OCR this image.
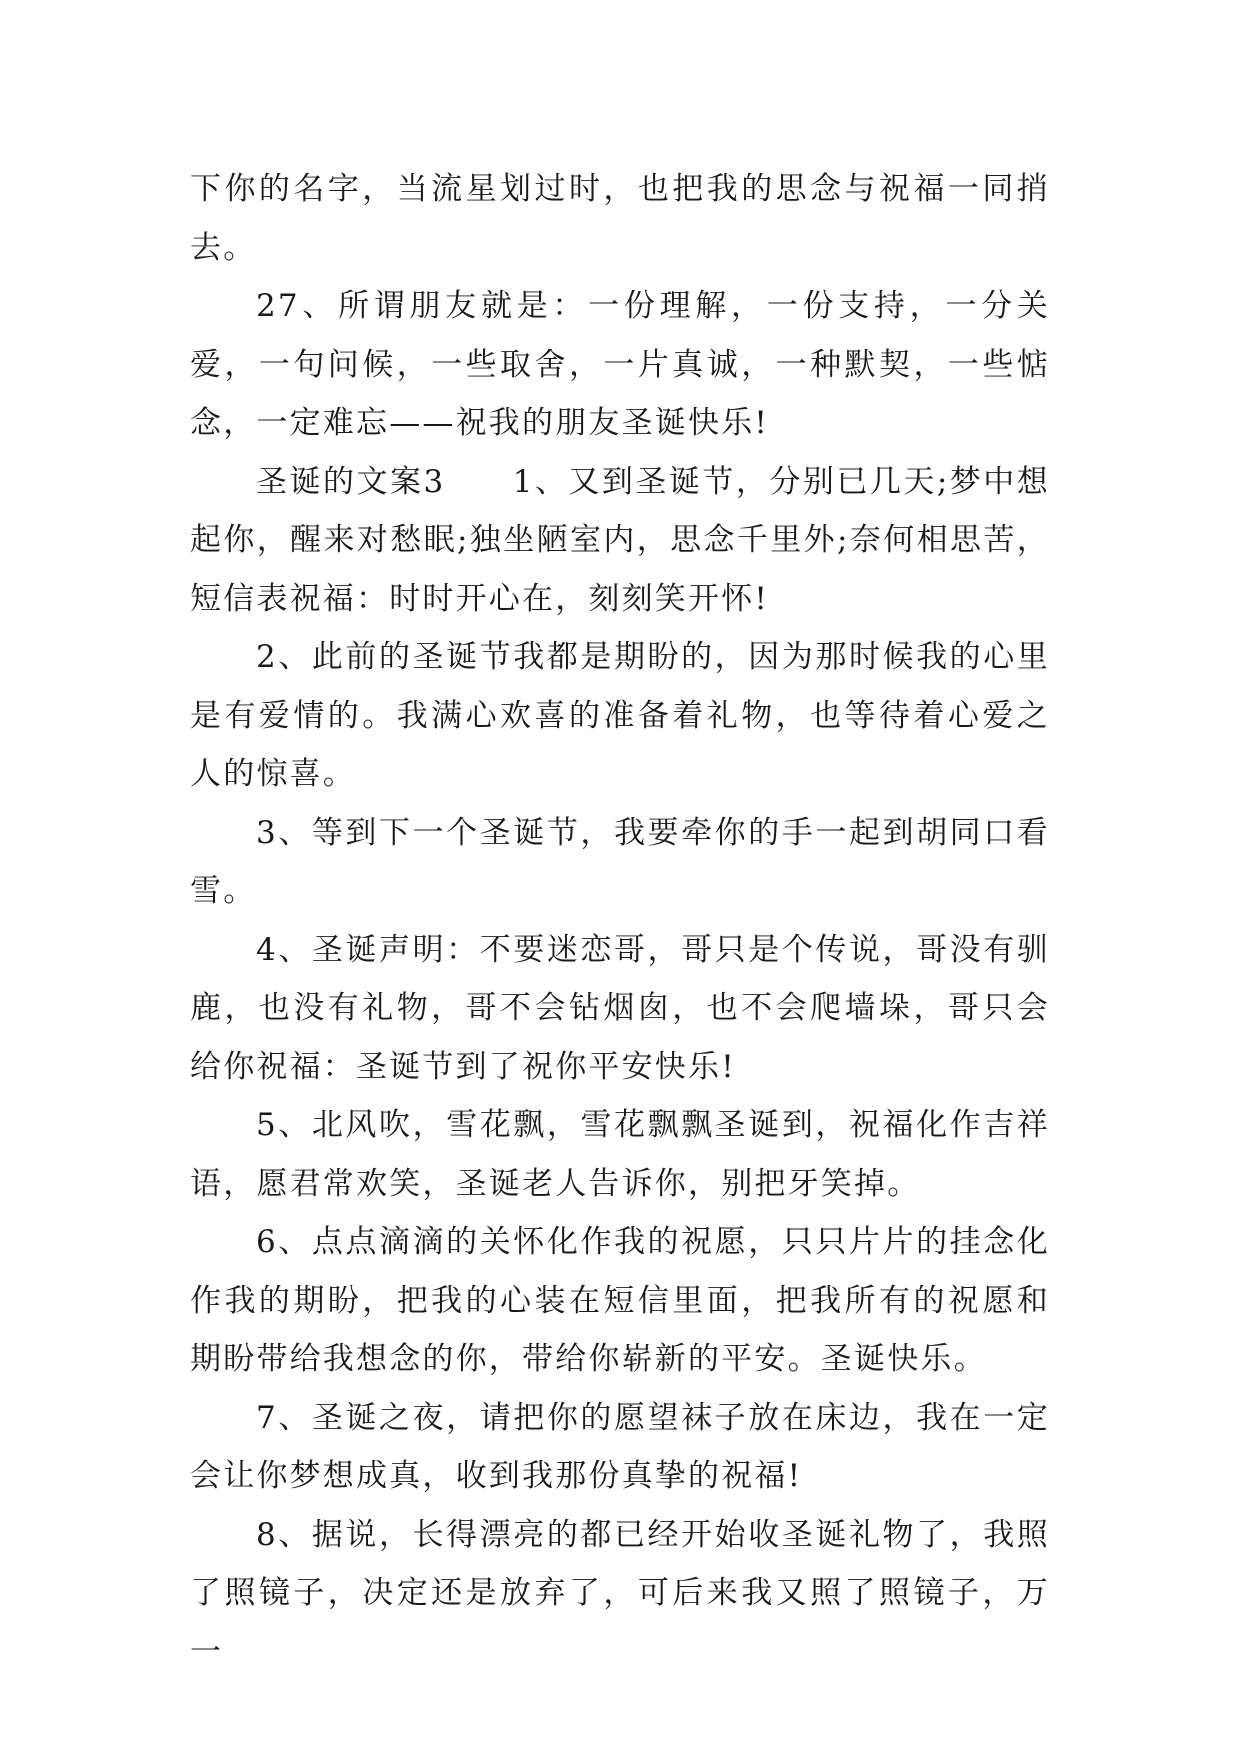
下你的名字，当流星划过时，也把我的思念与祝福一同捎去。

27、所谓朋友就是：一份理解，一份支持，一分关爱，一句问候，一些取舍，一片真诚，一种默契，一些惦念，一定难忘——祝我的朋友圣诞快乐!

圣诞的文案3　　1、又到圣诞节，分别已几天;梦中想起你，醒来对愁眠;独坐陋室内，思念千里外;奈何相思苦，短信表祝福：时时开心在，刻刻笑开怀!

2、此前的圣诞节我都是期盼的，因为那时候我的心里是有爱情的。我满心欢喜的准备着礼物，也等待着心爱之人的惊喜。

3、等到下一个圣诞节，我要牵你的手一起到胡同口看雪。

4、圣诞声明：不要迷恋哥，哥只是个传说，哥没有驯鹿，也没有礼物，哥不会钻烟囱，也不会爬墙垛，哥只会给你祝福：圣诞节到了祝你平安快乐!

5、北风吹，雪花飘，雪花飘飘圣诞到，祝福化作吉祥语，愿君常欢笑，圣诞老人告诉你，别把牙笑掉。

6、点点滴滴的关怀化作我的祝愿，只只片片的挂念化作我的期盼，把我的心装在短信里面，把我所有的祝愿和期盼带给我想念的你，带给你崭新的平安。圣诞快乐。

7、圣诞之夜，请把你的愿望袜子放在床边，我在一定会让你梦想成真，收到我那份真挚的祝福!

8、据说，长得漂亮的都已经开始收圣诞礼物了，我照了照镜子，决定还是放弃了，可后来我又照了照镜子，万一
